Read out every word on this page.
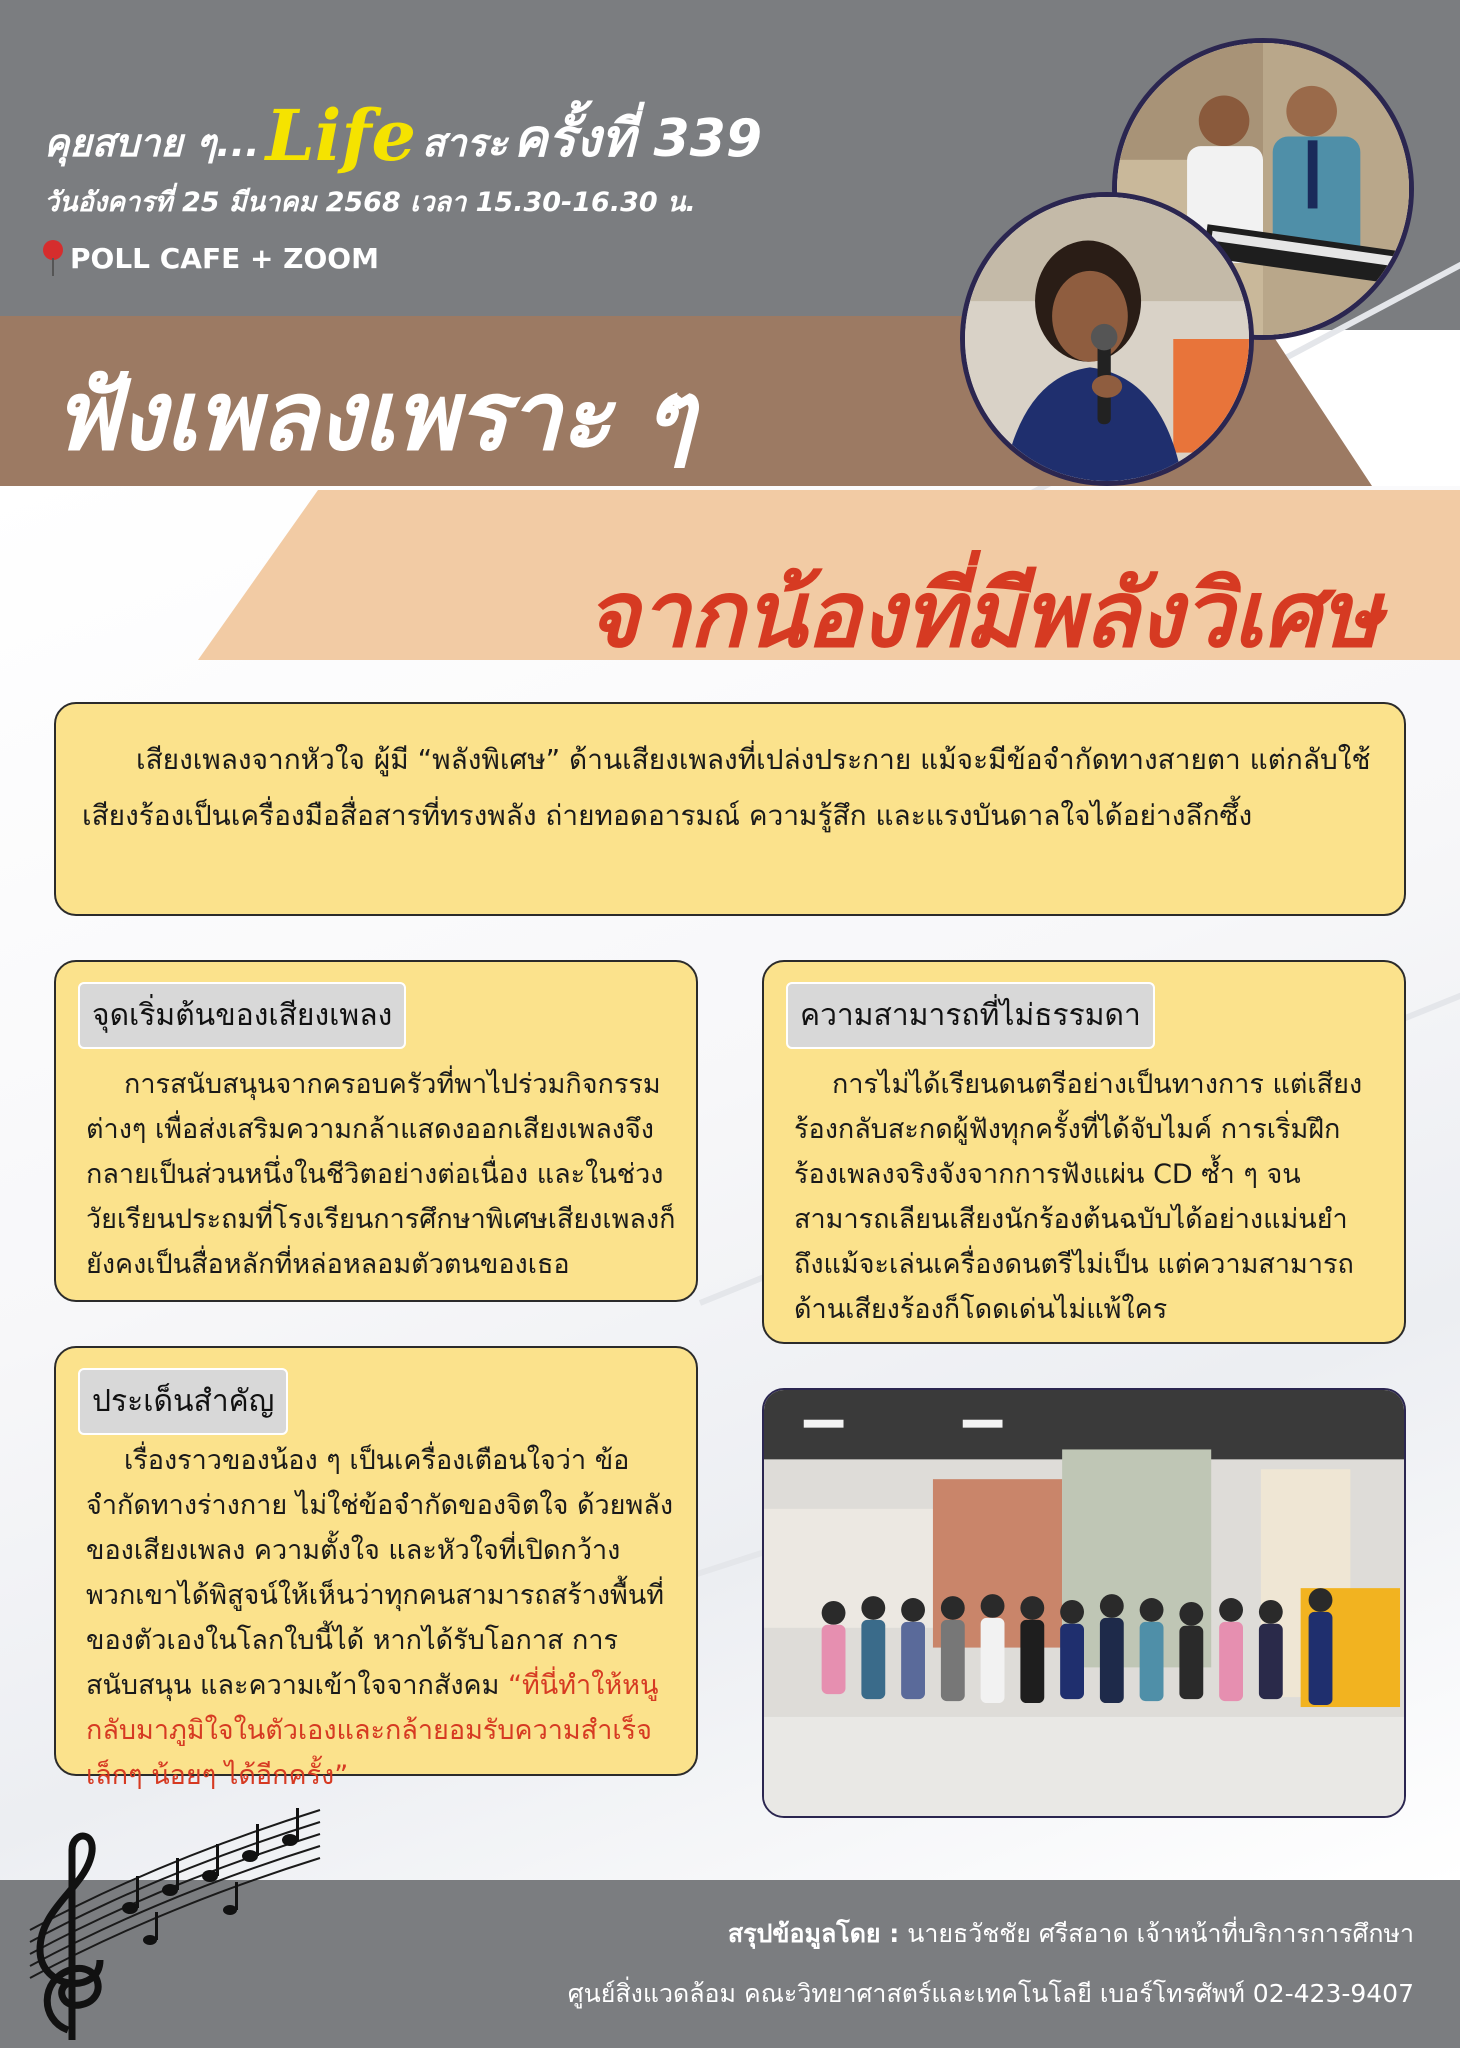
คุยสบาย ๆ...Life สาระ ครั้งที่ 339
วันอังคารที่ 25 มีนาคม 2568 เวลา 15.30-16.30 น.
POLL CAFE + ZOOM
ฟังเพลงเพราะ ๆ
จากน้องที่มีพลังวิเศษ

เสียงเพลงจากหัวใจ ผู้มี “พลังพิเศษ” ด้านเสียงเพลงที่เปล่งประกาย แม้จะมีข้อจำกัดทางสายตา แต่กลับใช้เสียงร้องเป็นเครื่องมือสื่อสารที่ทรงพลัง ถ่ายทอดอารมณ์ ความรู้สึก และแรงบันดาลใจได้อย่างลึกซึ้ง

จุดเริ่มต้นของเสียงเพลง

การสนับสนุนจากครอบครัวที่พาไปร่วมกิจกรรมต่างๆ เพื่อส่งเสริมความกล้าแสดงออกเสียงเพลงจึงกลายเป็นส่วนหนึ่งในชีวิตอย่างต่อเนื่อง และในช่วงวัยเรียนประถมที่โรงเรียนการศึกษาพิเศษเสียงเพลงก็ยังคงเป็นสื่อหลักที่หล่อหลอมตัวตนของเธอ

ความสามารถที่ไม่ธรรมดา

การไม่ได้เรียนดนตรีอย่างเป็นทางการ แต่เสียงร้องกลับสะกดผู้ฟังทุกครั้งที่ได้จับไมค์ การเริ่มฝึกร้องเพลงจริงจังจากการฟังแผ่น CD ซ้ำ ๆ จนสามารถเลียนเสียงนักร้องต้นฉบับได้อย่างแม่นยำ ถึงแม้จะเล่นเครื่องดนตรีไม่เป็น แต่ความสามารถด้านเสียงร้องก็โดดเด่นไม่แพ้ใคร

ประเด็นสำคัญ

เรื่องราวของน้อง ๆ เป็นเครื่องเตือนใจว่า ข้อจำกัดทางร่างกาย ไม่ใช่ข้อจำกัดของจิตใจ ด้วยพลังของเสียงเพลง ความตั้งใจ และหัวใจที่เปิดกว้าง พวกเขาได้พิสูจน์ให้เห็นว่าทุกคนสามารถสร้างพื้นที่ของตัวเองในโลกใบนี้ได้ หากได้รับโอกาส การสนับสนุน และความเข้าใจจากสังคม “ที่นี่ทำให้หนูกลับมาภูมิใจในตัวเองและกล้ายอมรับความสำเร็จเล็กๆ น้อยๆ ได้อีกครั้ง”

สรุปข้อมูลโดย : นายธวัชชัย ศรีสอาด เจ้าหน้าที่บริการการศึกษา
ศูนย์สิ่งแวดล้อม คณะวิทยาศาสตร์และเทคโนโลยี เบอร์โทรศัพท์ 02-423-9407
